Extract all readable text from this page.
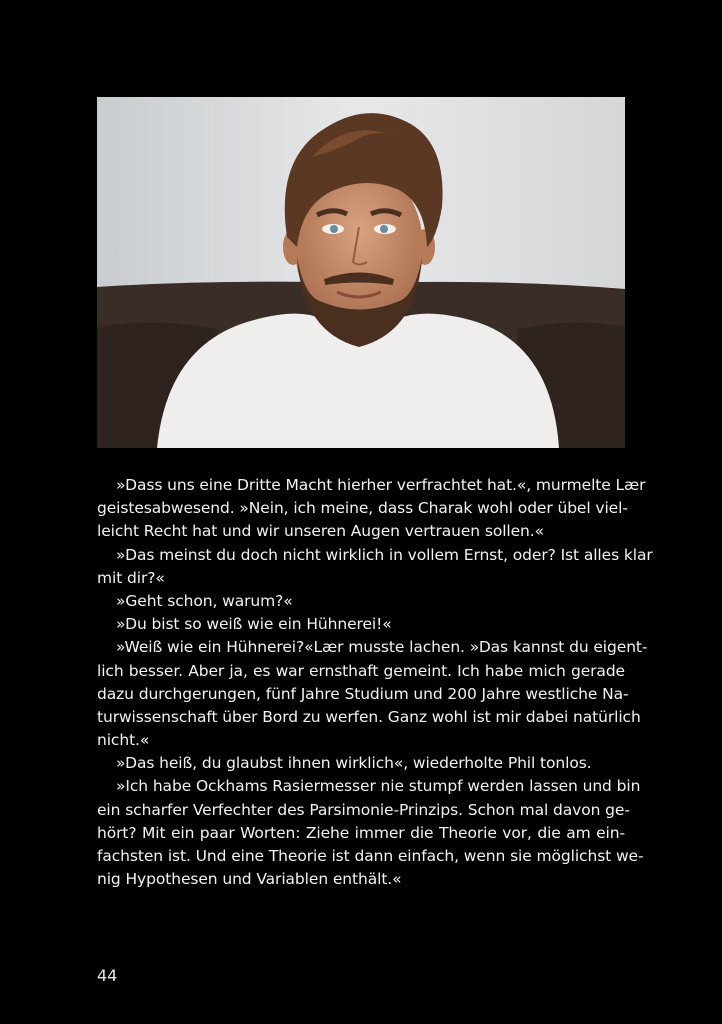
»Dass uns eine Dritte Macht hierher verfrachtet hat.«, murmelte Lær
geistesabwesend. »Nein, ich meine, dass Charak wohl oder übel viel-
leicht Recht hat und wir unseren Augen vertrauen sollen.«
»Das meinst du doch nicht wirklich in vollem Ernst, oder? Ist alles klar
mit dir?«
»Geht schon, warum?«
»Du bist so weiß wie ein Hühnerei!«
»Weiß wie ein Hühnerei?«Lær musste lachen. »Das kannst du eigent-
lich besser. Aber ja, es war ernsthaft gemeint. Ich habe mich gerade
dazu durchgerungen, fünf Jahre Studium und 200 Jahre westliche Na-
turwissenschaft über Bord zu werfen. Ganz wohl ist mir dabei natürlich
nicht.«
»Das heiß, du glaubst ihnen wirklich«, wiederholte Phil tonlos.
»Ich habe Ockhams Rasiermesser nie stumpf werden lassen und bin
ein scharfer Verfechter des Parsimonie-Prinzips. Schon mal davon ge-
hört? Mit ein paar Worten: Ziehe immer die Theorie vor, die am ein-
fachsten ist. Und eine Theorie ist dann einfach, wenn sie möglichst we-
nig Hypothesen und Variablen enthält.«
44
